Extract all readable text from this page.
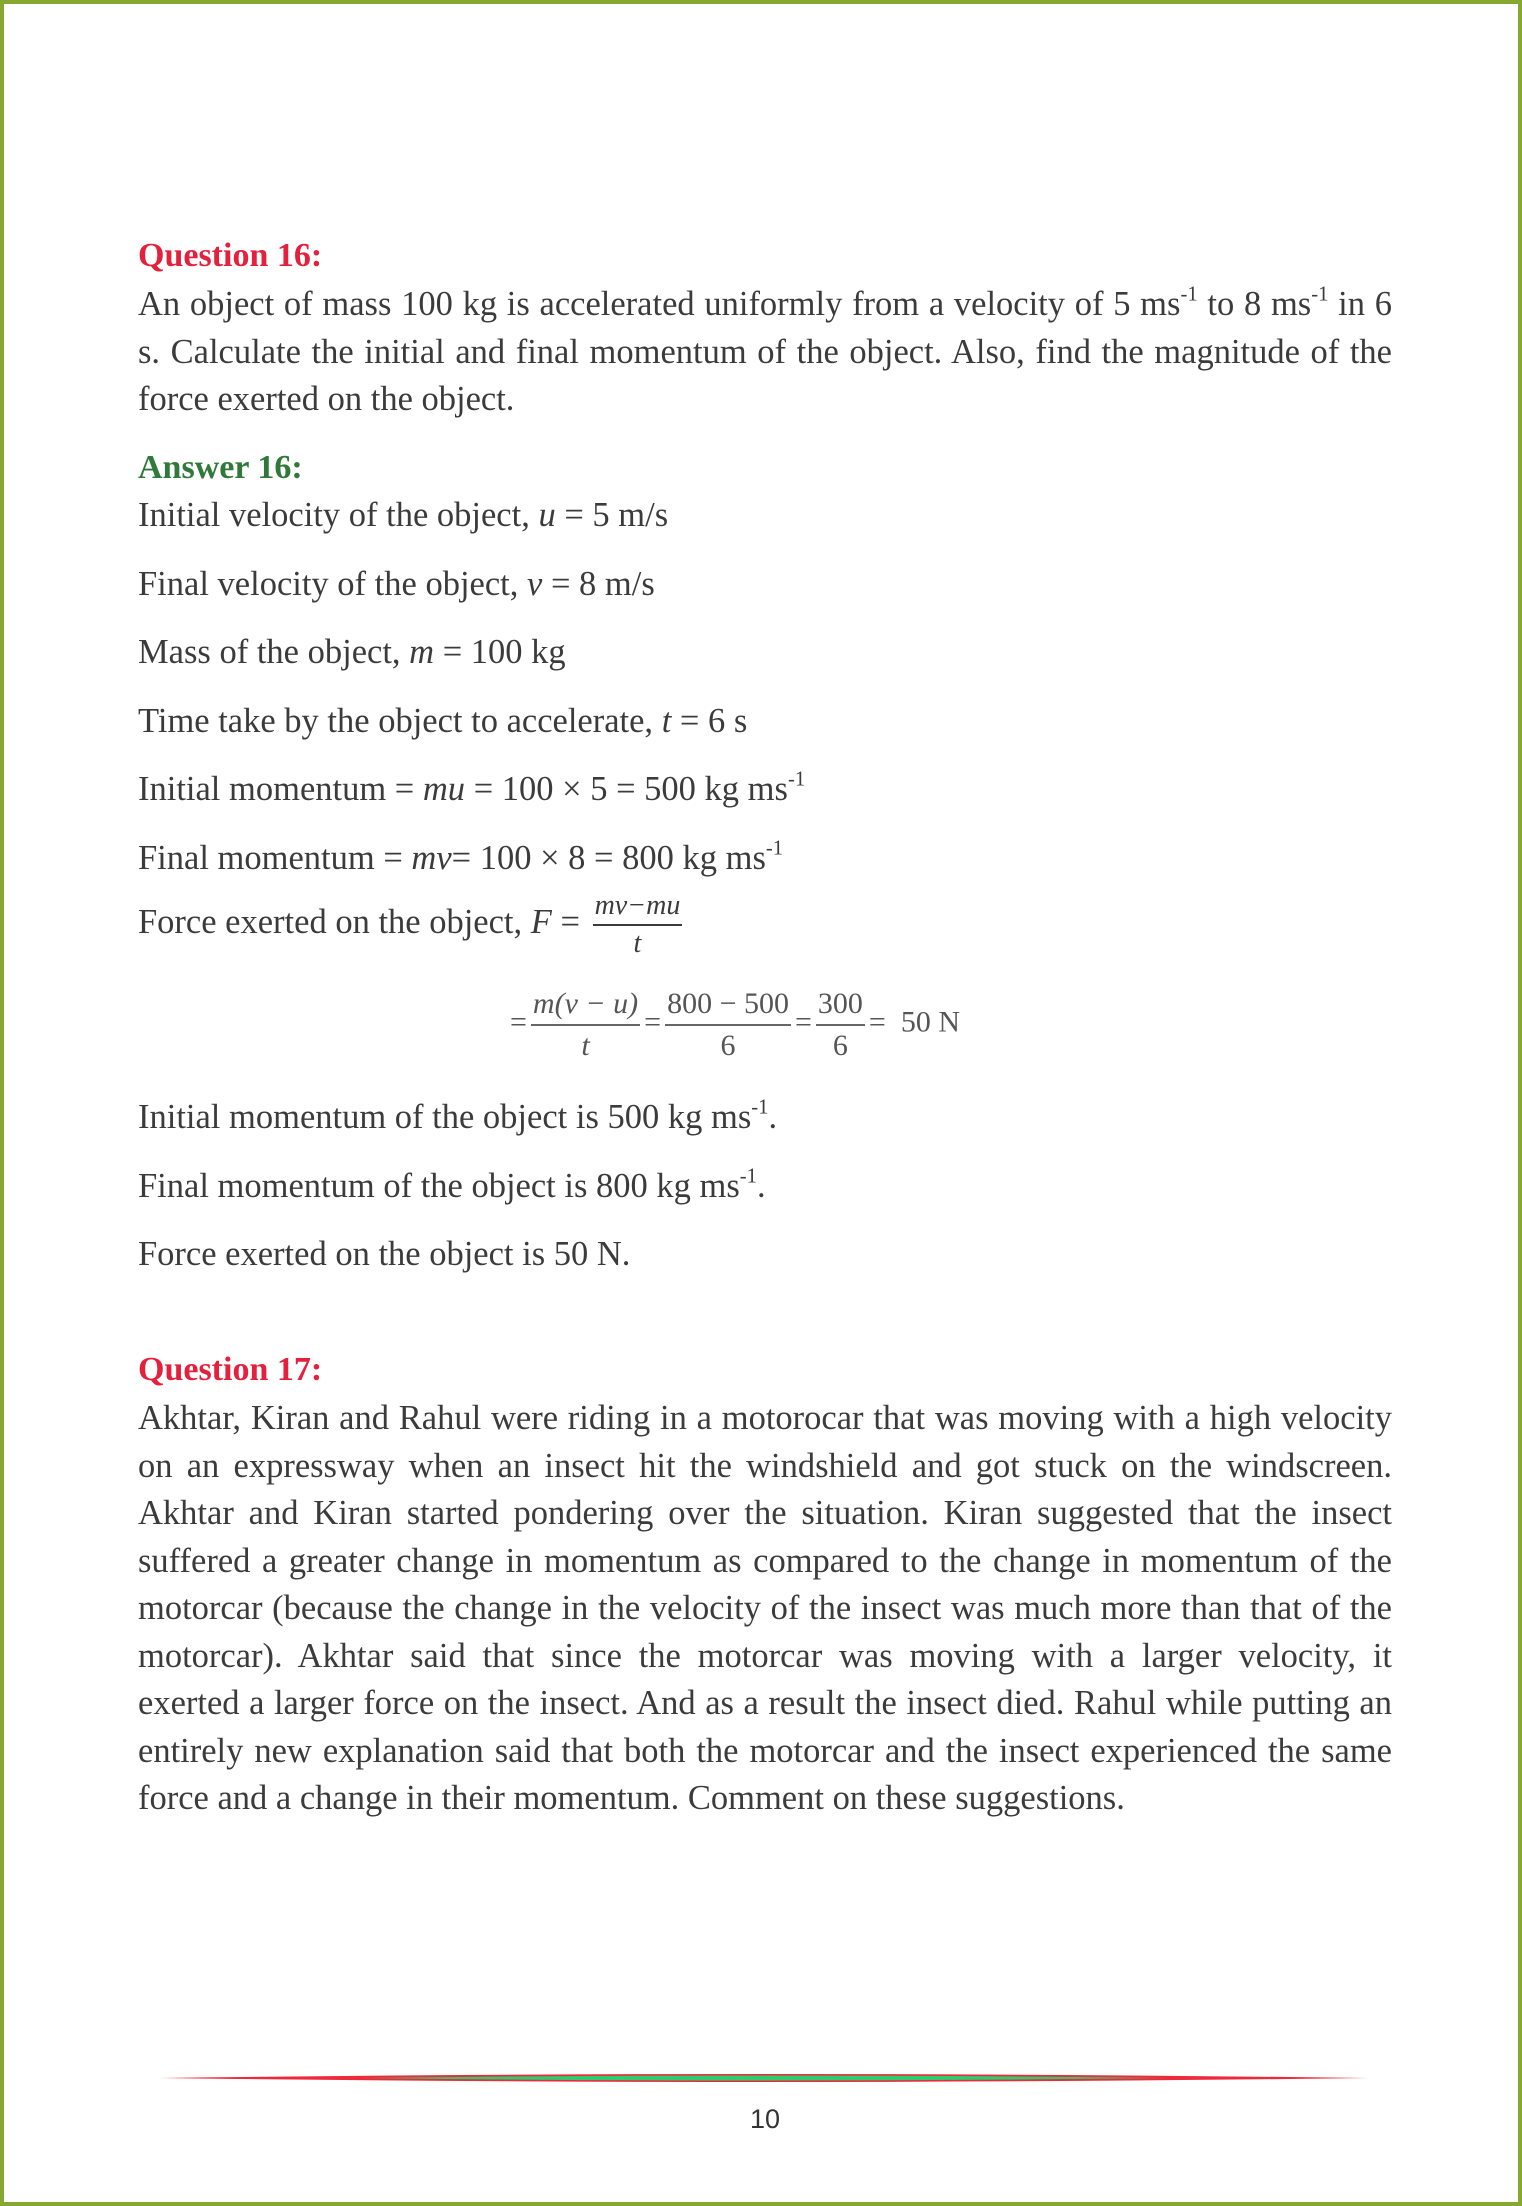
Question 16:
An object of mass 100 kg is accelerated uniformly from a velocity of 5 $ms^{-1}$ to 8 $ms^{-1}$ in 6 s. Calculate the initial and final momentum of the object. Also, find the magnitude of the force exerted on the object.
Answer 16:
Initial velocity of the object, u = 5 m/s
Final velocity of the object, v = 8 m/s
Mass of the object, m = 100 kg
Time take by the object to accelerate, t = 6 s
Initial momentum = mu = 100 × 5 = 500 kg $ms^{-1}$
Final momentum = mv= 100 × 8 = 800 kg $ms^{-1}$
Force exerted on the object, $F = \frac{mv-mu}{t}$
= $\frac{m(v - u)}{t} = \frac{800 - 500}{6} = \frac{300}{6} = 50$ N
Initial momentum of the object is 500 kg $ms^{-1}$.
Final momentum of the object is 800 kg $ms^{-1}$.
Force exerted on the object is 50 N.
Question 17:
Akhtar, Kiran and Rahul were riding in a motorocar that was moving with a high velocity on an expressway when an insect hit the windshield and got stuck on the windscreen. Akhtar and Kiran started pondering over the situation. Kiran suggested that the insect suffered a greater change in momentum as compared to the change in momentum of the motorcar (because the change in the velocity of the insect was much more than that of the motorcar). Akhtar said that since the motorcar was moving with a larger velocity, it exerted a larger force on the insect. And as a result the insect died. Rahul while putting an entirely new explanation said that both the motorcar and the insect experienced the same force and a change in their momentum. Comment on these suggestions.
10
